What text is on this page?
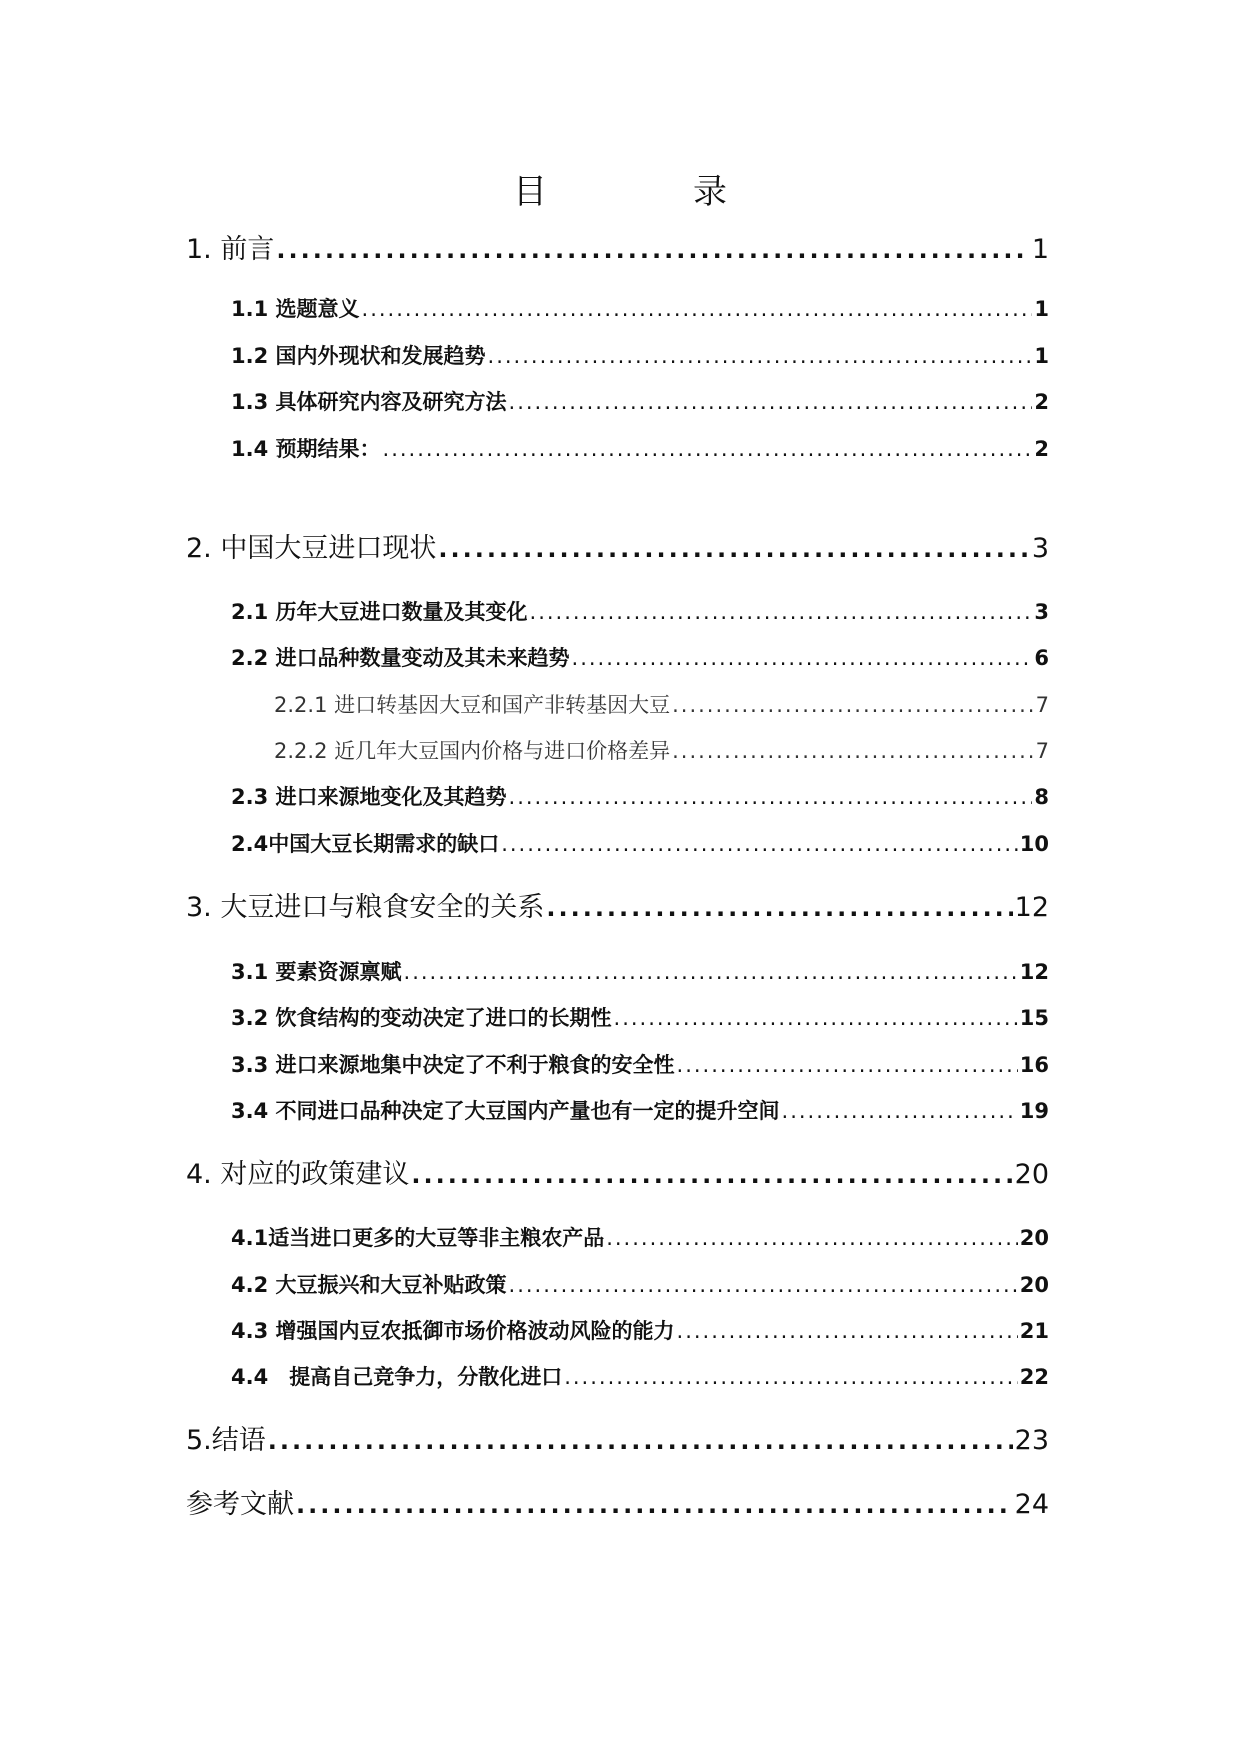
目　录
1. 前言 .....	1
1.1 选题意义 .....	1
1.2 国内外现状和发展趋势 .....	1
1.3 具体研究内容及研究方法 .....	2
1.4 预期结果： .....	2
2. 中国大豆进口现状 .....	3
2.1 历年大豆进口数量及其变化 .....	3
2.2 进口品种数量变动及其未来趋势 .....	6
2.2.1 进口转基因大豆和国产非转基因大豆 .....	7
2.2.2 近几年大豆国内价格与进口价格差异 .....	7
2.3 进口来源地变化及其趋势 .....	8
2.4中国大豆长期需求的缺口 .....	10
3. 大豆进口与粮食安全的关系 .....	12
3.1 要素资源禀赋 .....	12
3.2 饮食结构的变动决定了进口的长期性 .....	15
3.3 进口来源地集中决定了不利于粮食的安全性 .....	16
3.4 不同进口品种决定了大豆国内产量也有一定的提升空间 .....	19
4. 对应的政策建议 .....	20
4.1适当进口更多的大豆等非主粮农产品 .....	20
4.2 大豆振兴和大豆补贴政策 .....	20
4.3 增强国内豆农抵御市场价格波动风险的能力 .....	21
4.4　提高自己竞争力，分散化进口 .....	22
5.结语 .....	23
参考文献 .....	24
